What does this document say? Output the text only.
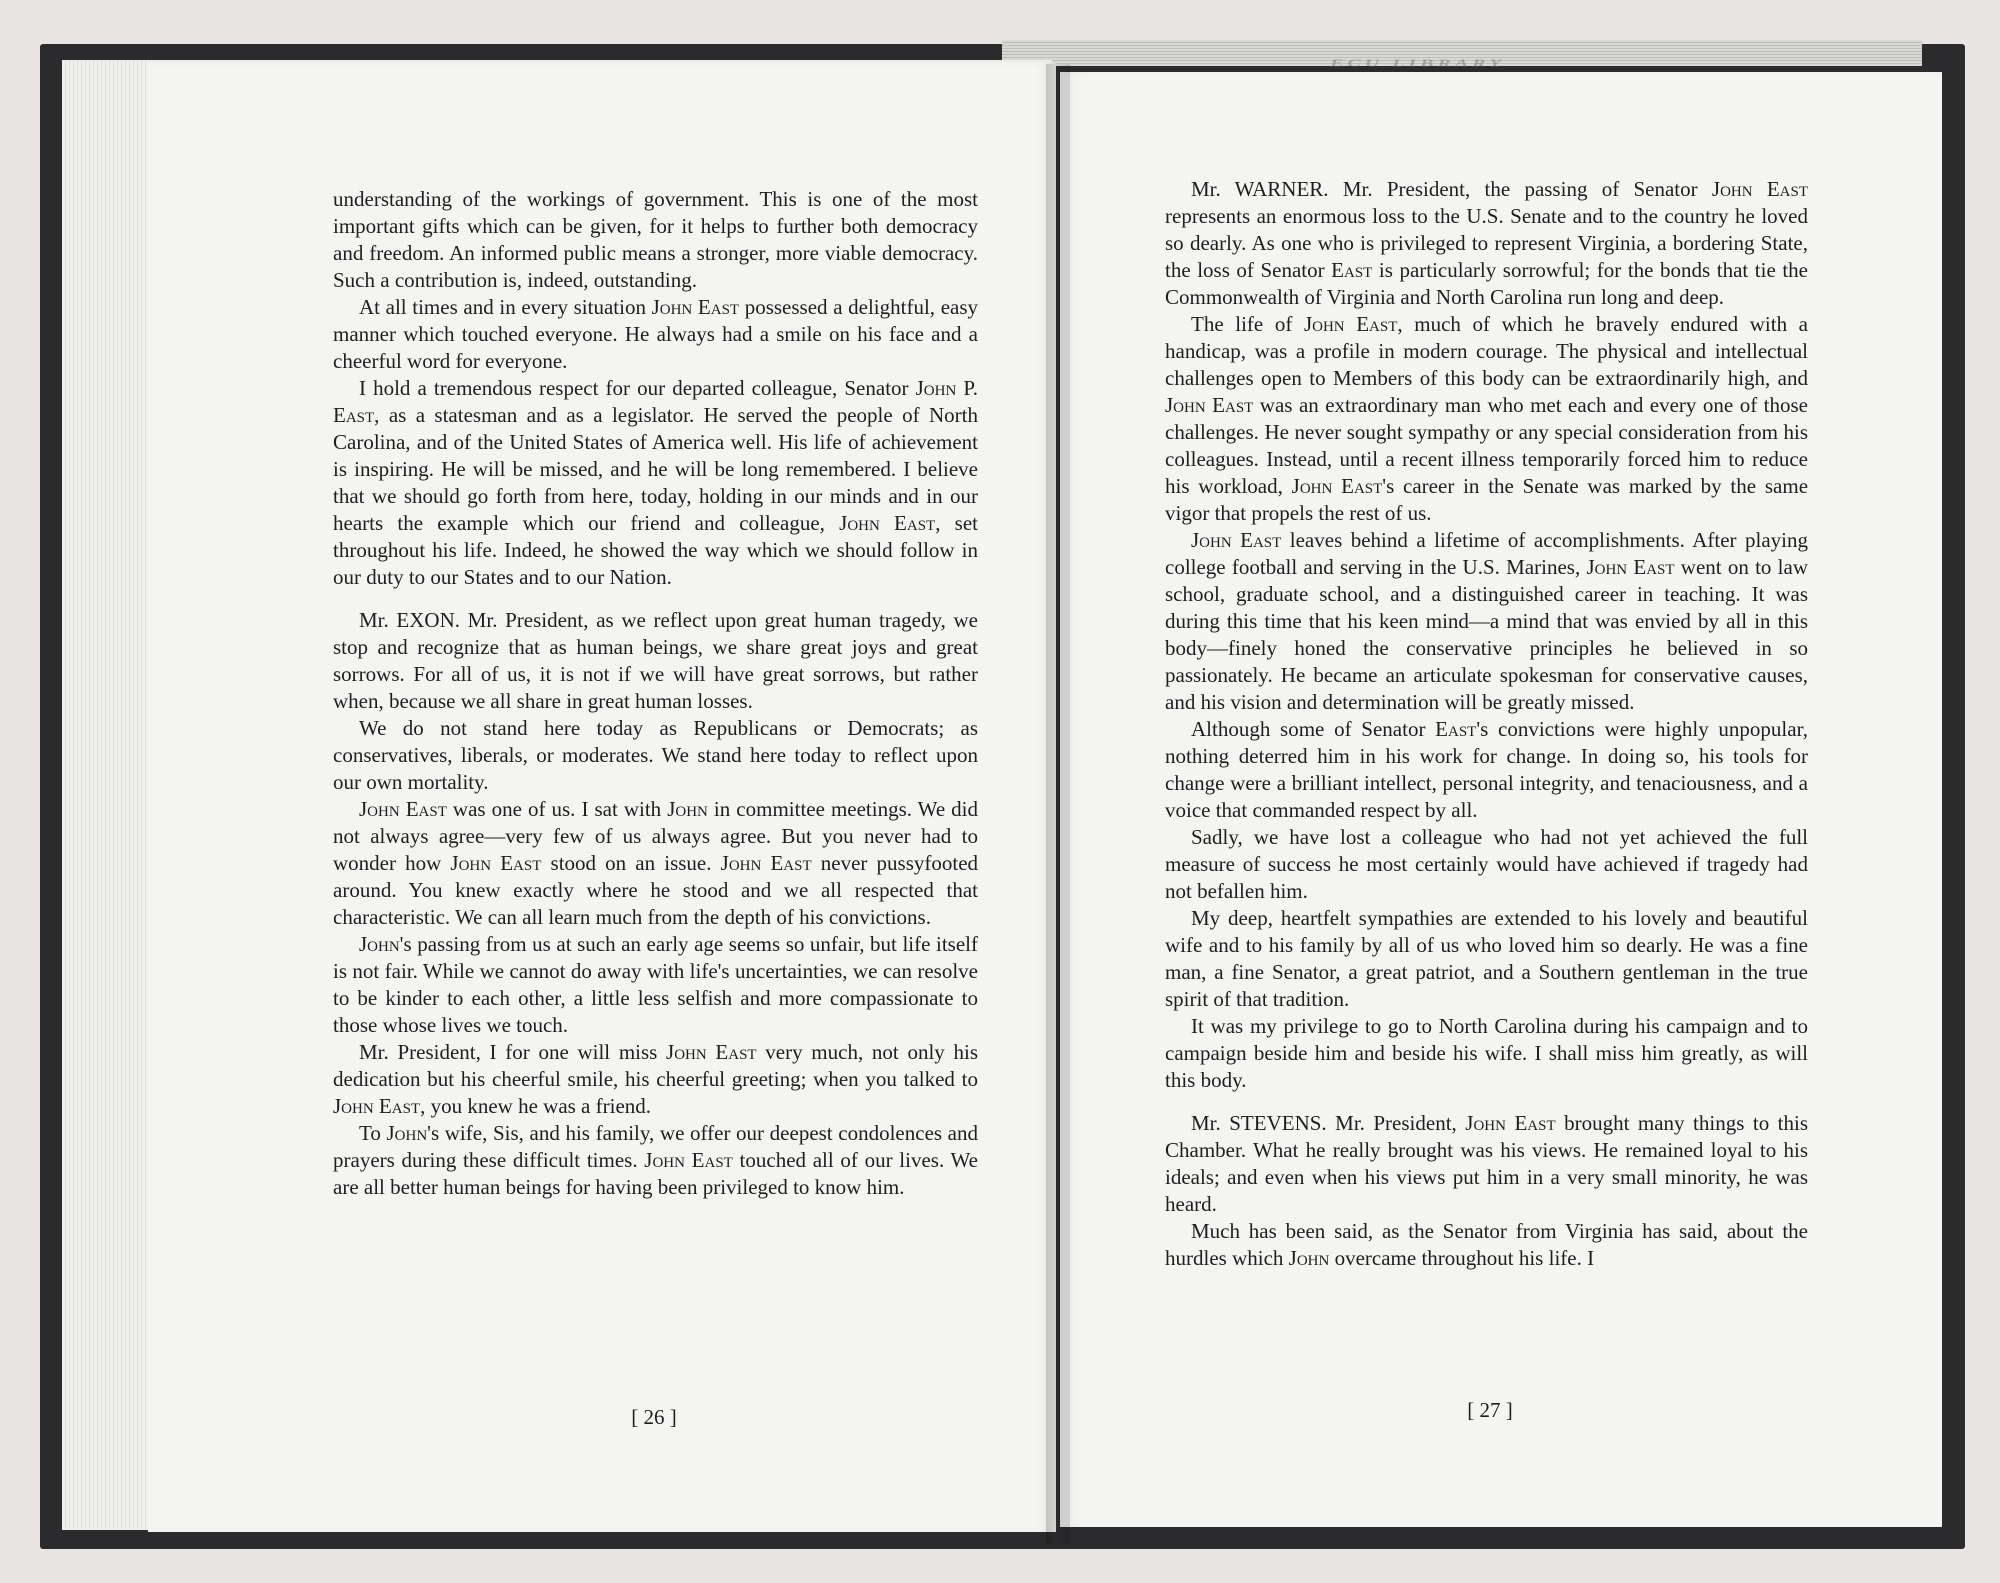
ECU LIBRARY

understanding of the workings of government. This is one of the most important gifts which can be given, for it helps to further both democracy and freedom. An informed public means a stronger, more viable democracy. Such a contribution is, indeed, outstanding.

At all times and in every situation John East possessed a delightful, easy manner which touched everyone. He always had a smile on his face and a cheerful word for everyone.

I hold a tremendous respect for our departed colleague, Senator John P. East, as a statesman and as a legislator. He served the people of North Carolina, and of the United States of America well. His life of achievement is inspiring. He will be missed, and he will be long remembered. I believe that we should go forth from here, today, holding in our minds and in our hearts the example which our friend and colleague, John East, set throughout his life. Indeed, he showed the way which we should follow in our duty to our States and to our Nation.

Mr. EXON. Mr. President, as we reflect upon great human tragedy, we stop and recognize that as human beings, we share great joys and great sorrows. For all of us, it is not if we will have great sorrows, but rather when, because we all share in great human losses.

We do not stand here today as Republicans or Democrats; as conservatives, liberals, or moderates. We stand here today to reflect upon our own mortality.

John East was one of us. I sat with John in committee meetings. We did not always agree—very few of us always agree. But you never had to wonder how John East stood on an issue. John East never pussyfooted around. You knew exactly where he stood and we all respected that characteristic. We can all learn much from the depth of his convictions.

John's passing from us at such an early age seems so unfair, but life itself is not fair. While we cannot do away with life's uncertainties, we can resolve to be kinder to each other, a little less selfish and more compassionate to those whose lives we touch.

Mr. President, I for one will miss John East very much, not only his dedication but his cheerful smile, his cheerful greeting; when you talked to John East, you knew he was a friend.

To John's wife, Sis, and his family, we offer our deepest condolences and prayers during these difficult times. John East touched all of our lives. We are all better human beings for having been privileged to know him.

[ 26 ]

Mr. WARNER. Mr. President, the passing of Senator John East represents an enormous loss to the U.S. Senate and to the country he loved so dearly. As one who is privileged to represent Virginia, a bordering State, the loss of Senator East is particularly sorrowful; for the bonds that tie the Commonwealth of Virginia and North Carolina run long and deep.

The life of John East, much of which he bravely endured with a handicap, was a profile in modern courage. The physical and intellectual challenges open to Members of this body can be extraordinarily high, and John East was an extraordinary man who met each and every one of those challenges. He never sought sympathy or any special consideration from his colleagues. Instead, until a recent illness temporarily forced him to reduce his workload, John East's career in the Senate was marked by the same vigor that propels the rest of us.

John East leaves behind a lifetime of accomplishments. After playing college football and serving in the U.S. Marines, John East went on to law school, graduate school, and a distinguished career in teaching. It was during this time that his keen mind—a mind that was envied by all in this body—finely honed the conservative principles he believed in so passionately. He became an articulate spokesman for conservative causes, and his vision and determination will be greatly missed.

Although some of Senator East's convictions were highly unpopular, nothing deterred him in his work for change. In doing so, his tools for change were a brilliant intellect, personal integrity, and tenaciousness, and a voice that commanded respect by all.

Sadly, we have lost a colleague who had not yet achieved the full measure of success he most certainly would have achieved if tragedy had not befallen him.

My deep, heartfelt sympathies are extended to his lovely and beautiful wife and to his family by all of us who loved him so dearly. He was a fine man, a fine Senator, a great patriot, and a Southern gentleman in the true spirit of that tradition.

It was my privilege to go to North Carolina during his campaign and to campaign beside him and beside his wife. I shall miss him greatly, as will this body.

Mr. STEVENS. Mr. President, John East brought many things to this Chamber. What he really brought was his views. He remained loyal to his ideals; and even when his views put him in a very small minority, he was heard.

Much has been said, as the Senator from Virginia has said, about the hurdles which John overcame throughout his life. I

[ 27 ]
